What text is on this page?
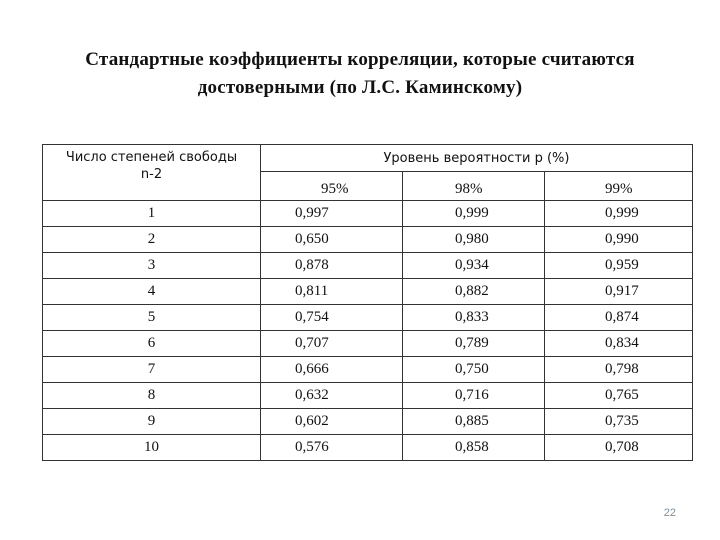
Стандартные коэффициенты корреляции, которые считаются
достоверными (по Л.С. Каминскому)
Число степеней свободы
n-2	Уровень вероятности р (%)		
	95%	98%	99%
1	0,997	0,999	0,999
2	0,650	0,980	0,990
3	0,878	0,934	0,959
4	0,811	0,882	0,917
5	0,754	0,833	0,874
6	0,707	0,789	0,834
7	0,666	0,750	0,798
8	0,632	0,716	0,765
9	0,602	0,885	0,735
10	0,576	0,858	0,708
22
